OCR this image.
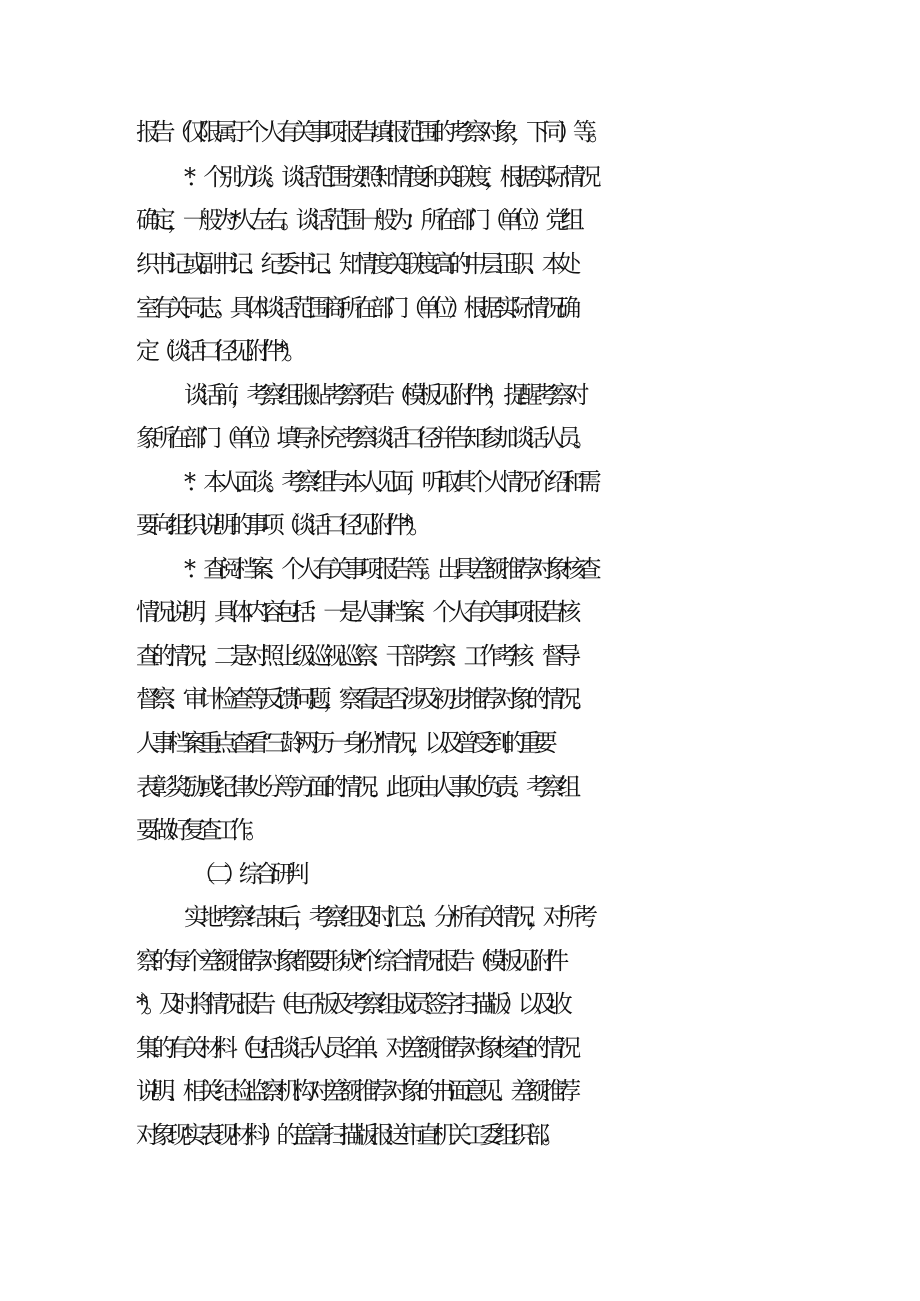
报告（仅限属于个人有关事项报告填报范围的考察对象，下同）等。
*．个别访谈。谈话范围按照知情度和关联度，根据实际情况
确定，一般为*人左右。谈话范围一般为：所在部门（单位）党组
织书记或副书记、纪委书记、知情度关联度高的中层正职、本处
室有关同志。具体谈话范围商所在部门（单位）根据实际情况确
定（谈话口径见附件*）。
谈话前，考察组张贴考察预告（模板见附件*），提醒考察对
象所在部门（单位）填写补充考察谈话口径并告知参加谈话人员。
*．本人面谈。考察组与本人见面，听取其个人情况介绍和需
要向组织说明的事项（谈话口径见附件*）。
*．查阅档案、个人有关事项报告等。出具差额推荐对象核查
情况说明，具体内容包括：一是人事档案、个人有关事项报告核
查的情况；二是对照上级巡视巡察、干部考察、工作考核、督导
督察、审计检查等反馈问题，察看是否涉及初步推荐对象的情况。
人事档案重点查看“三龄两历一身份”情况，以及曾受到的重要
表彰奖励或纪律处分等方面的情况。此项由人事处负责。考察组
要做好复查工作。
（二）综合研判
实地考察结束后，考察组及时汇总、分析有关情况，对所考
察的每个差额推荐对象都要形成*个综合情况报告（模板见附件
*）。及时将情况报告（电子版及考察组成员签字扫描版）以及收
集的有关材料（包括谈话人员名单、对差额推荐对象核查的情况
说明、相关纪检监察机构对差额推荐对象的书面意见、差额推荐
对象现实表现材料）的盖章扫描版报送市直机关工委组织部。
